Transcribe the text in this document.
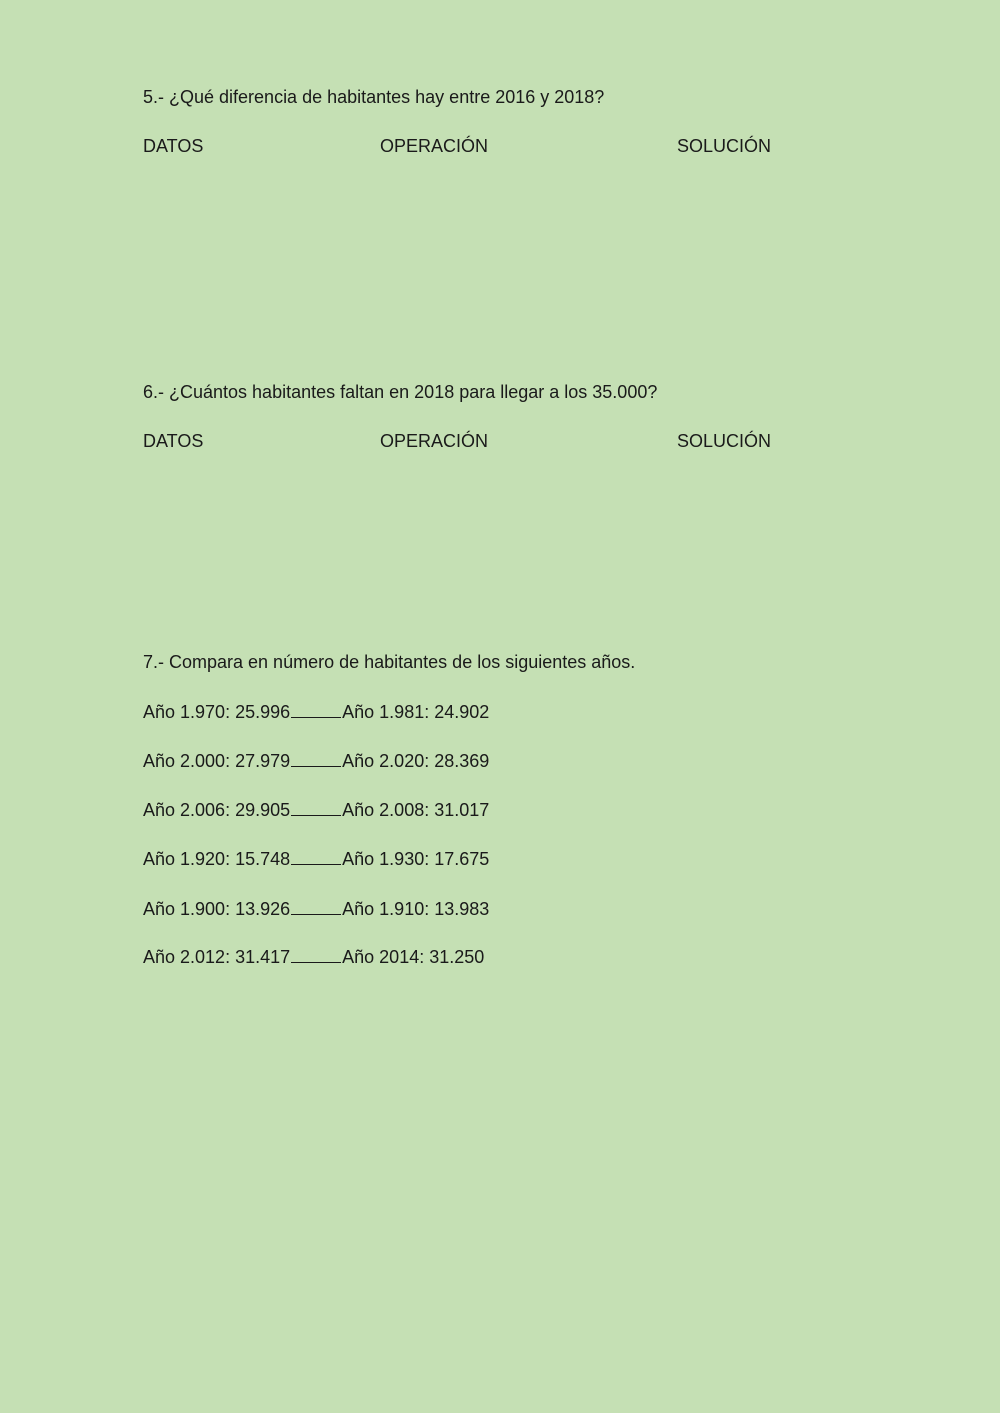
5.- ¿Qué diferencia de habitantes hay entre 2016 y 2018?
DATOS	OPERACIÓN	SOLUCIÓN
6.- ¿Cuántos habitantes faltan en 2018 para llegar a los 35.000?
DATOS	OPERACIÓN	SOLUCIÓN
7.- Compara en número de habitantes de los siguientes años.
Año 1.970: 25.996	Año 1.981: 24.902
Año 2.000: 27.979	Año 2.020: 28.369
Año 2.006: 29.905	Año 2.008: 31.017
Año 1.920: 15.748	Año 1.930: 17.675
Año 1.900: 13.926	Año 1.910: 13.983
Año 2.012: 31.417	Año 2014: 31.250
